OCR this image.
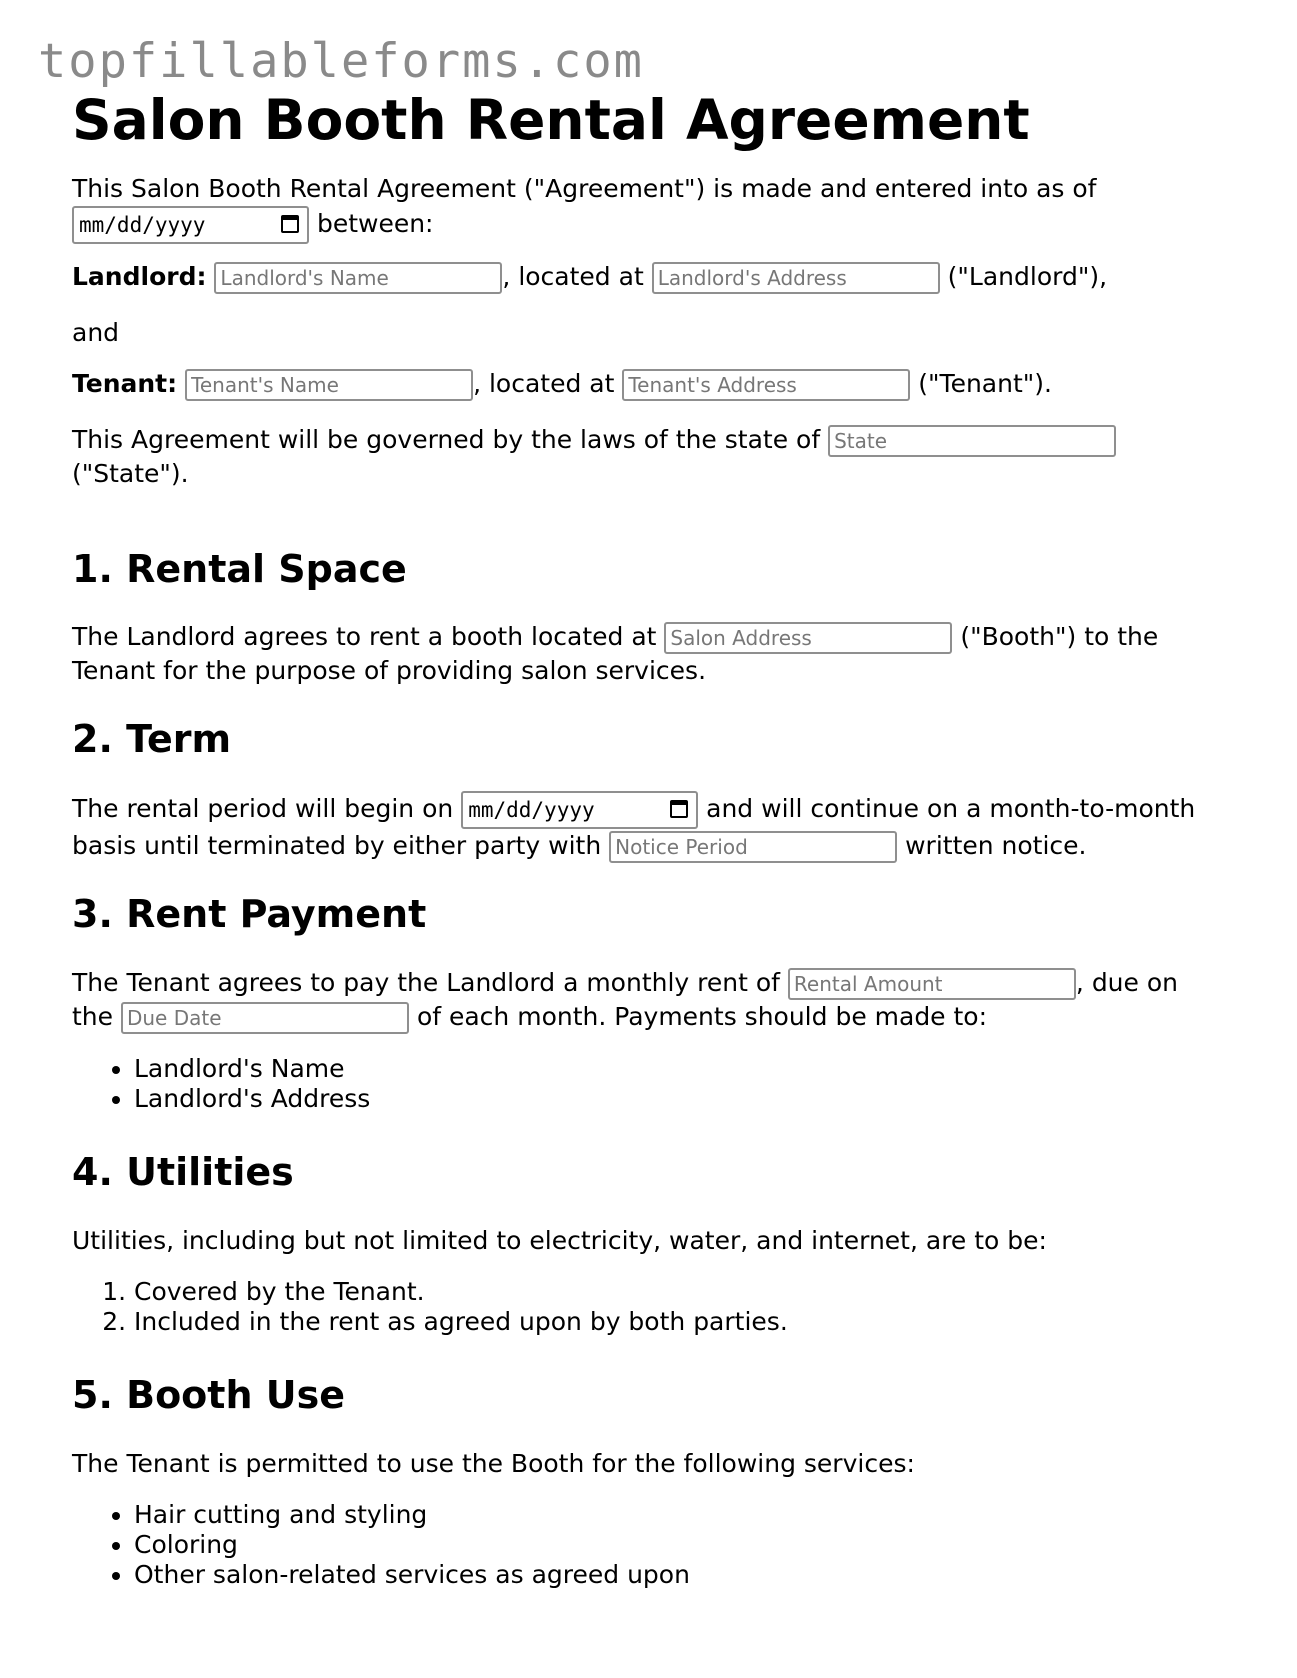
topfillableforms.com
Salon Booth Rental Agreement

This Salon Booth Rental Agreement ("Agreement") is made and entered into as of
mm/dd/yyyy	between:

Landlord: Landlord's Name	, located at Landlord's Address	("Landlord"),

and

Tenant: Tenant's Name	, located at Tenant's Address	("Tenant").

This Agreement will be governed by the laws of the state of State ("State").

1. Rental Space

The Landlord agrees to rent a booth located at Salon Address	("Booth") to the Tenant for the purpose of providing salon services.

2. Term

The rental period will begin on mm/dd/yyyy	and will continue on a month-to-month basis until terminated by either party with Notice Period	written notice.

3. Rent Payment

The Tenant agrees to pay the Landlord a monthly rent of Rental Amount	, due on the Due Date	of each month. Payments should be made to:

• Landlord's Name
• Landlord's Address
4. Utilities

Utilities, including but not limited to electricity, water, and internet, are to be:

1. Covered by the Tenant.
2. Included in the rent as agreed upon by both parties.
5. Booth Use

The Tenant is permitted to use the Booth for the following services:

• Hair cutting and styling
• Coloring
• Other salon-related services as agreed upon
